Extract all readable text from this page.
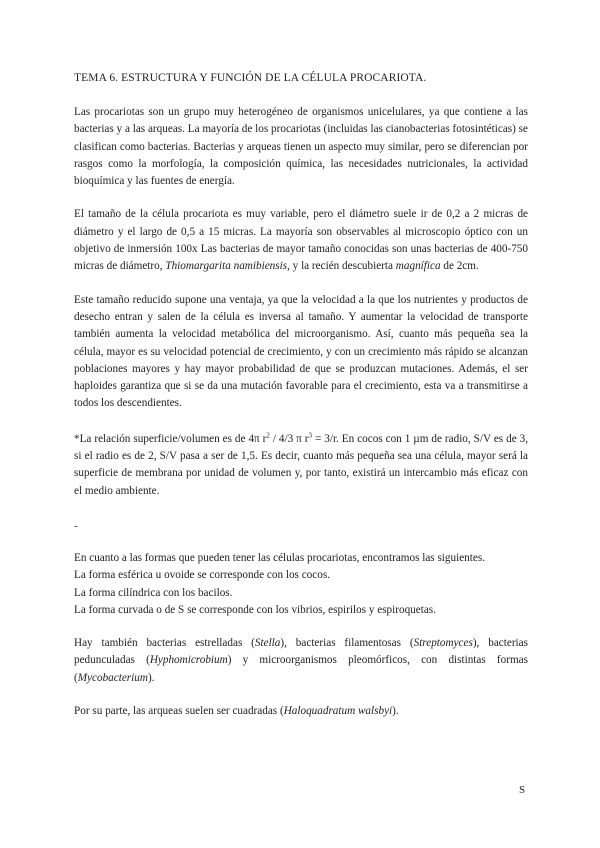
TEMA 6. ESTRUCTURA Y FUNCIÓN DE LA CÉLULA PROCARIOTA.

Las procariotas son un grupo muy heterogéneo de organismos unicelulares, ya que contiene a las bacterias y a las arqueas. La mayoría de los procariotas (incluidas las cianobacterias fotosintéticas) se clasifican como bacterias. Bacterias y arqueas tienen un aspecto muy similar, pero se diferencian por rasgos como la morfología, la composición química, las necesidades nutricionales, la actividad bioquímica y las fuentes de energía.

El tamaño de la célula procariota es muy variable, pero el diámetro suele ir de 0,2 a 2 micras de diámetro y el largo de 0,5 a 15 micras. La mayoría son observables al microscopio óptico con un objetivo de inmersión 100x Las bacterias de mayor tamaño conocidas son unas bacterias de 400-750 micras de diámetro, Thiomargarita namibiensis, y la recién descubierta magnífica de 2cm.

Este tamaño reducido supone una ventaja, ya que la velocidad a la que los nutrientes y productos de desecho entran y salen de la célula es inversa al tamaño. Y aumentar la velocidad de transporte también aumenta la velocidad metabólica del microorganismo. Así, cuanto más pequeña sea la célula, mayor es su velocidad potencial de crecimiento, y con un crecimiento más rápido se alcanzan poblaciones mayores y hay mayor probabilidad de que se produzcan mutaciones. Además, el ser haploides garantiza que si se da una mutación favorable para el crecimiento, esta va a transmitirse a todos los descendientes.

*La relación superficie/volumen es de 4π $r^2 / 4/3$ π $r^3 = 3/r$. En cocos con 1 µm de radio, S/V es de 3, si el radio es de 2, S/V pasa a ser de 1,5. Es decir, cuanto más pequeña sea una célula, mayor será la superficie de membrana por unidad de volumen y, por tanto, existirá un intercambio más eficaz con el medio ambiente.

-
En cuanto a las formas que pueden tener las células procariotas, encontramos las siguientes.
La forma esférica u ovoide se corresponde con los cocos.
La forma cilíndrica con los bacilos.
La forma curvada o de S se corresponde con los vibrios, espirilos y espiroquetas.

Hay también bacterias estrelladas (Stella), bacterias filamentosas (Streptomyces), bacterias pedunculadas (Hyphomicrobium) y microorganismos pleomórficos, con distintas formas (Mycobacterium).

Por su parte, las arqueas suelen ser cuadradas (Haloquadratum walsbyi).

S
